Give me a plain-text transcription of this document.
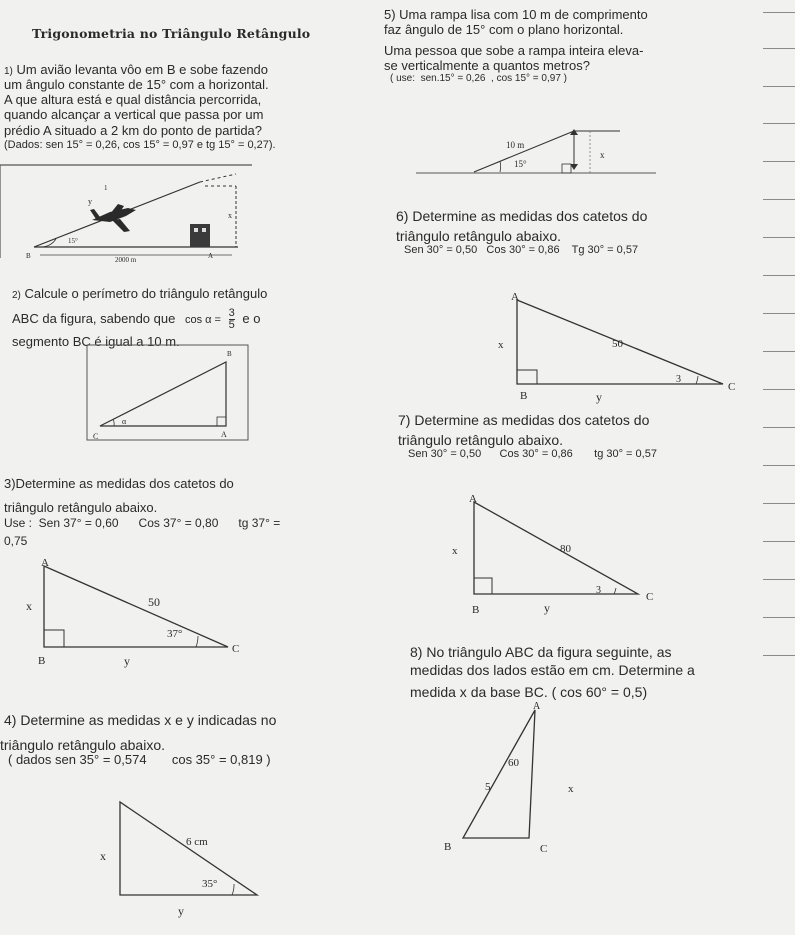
Trigonometria no Triângulo Retângulo
1) Um avião levanta vôo em B e sobe fazendo
um ângulo constante de 15° com a horizontal.
A que altura está e qual distância percorrida,
quando alcançar a vertical que passa por um
prédio A situado a 2 km do ponto de partida?
(Dados: sen 15° = 0,26, cos 15° = 0,97 e tg 15° = 0,27).
15°
2000 m
x
y
1
B	A
2) Calcule o perímetro do triângulo retângulo
ABC da figura, sabendo que $\cos \alpha = \frac{3}{5}$ e o
segmento BC é igual a 10 m.
B
C	A
α
3)Determine as medidas dos catetos do
triângulo retângulo abaixo.
Use :  Sen 37° = 0,60      Cos 37° = 0,80      tg 37° =
0,75
A
x	50
37°
B	y
C
4) Determine as medidas x e y indicadas no
triângulo retângulo abaixo.
( dados sen 35° = 0,574       cos 35° = 0,819 )
6 cm
x
35°
y
5) Uma rampa lisa com 10 m de comprimento
faz ângulo de 15° com o plano horizontal.
Uma pessoa que sobe a rampa inteira eleva-
se verticalmente a quantos metros?
( use:  sen.15° = 0,26  , cos 15° = 0,97 )
10 m
15°
x
6) Determine as medidas dos catetos do
triângulo retângulo abaixo.
Sen 30° = 0,50   Cos 30° = 0,86    Tg 30° = 0,57
A
x	50
3
B	y
C
7) Determine as medidas dos catetos do
triângulo retângulo abaixo.
Sen 30° = 0,50      Cos 30° = 0,86       tg 30° = 0,57
A
x	80
3
B	y
C
8) No triângulo ABC da figura seguinte, as
medidas dos lados estão em cm. Determine a
medida x da base BC. ( cos 60° = 0,5)
A
60
5	x
B	C
